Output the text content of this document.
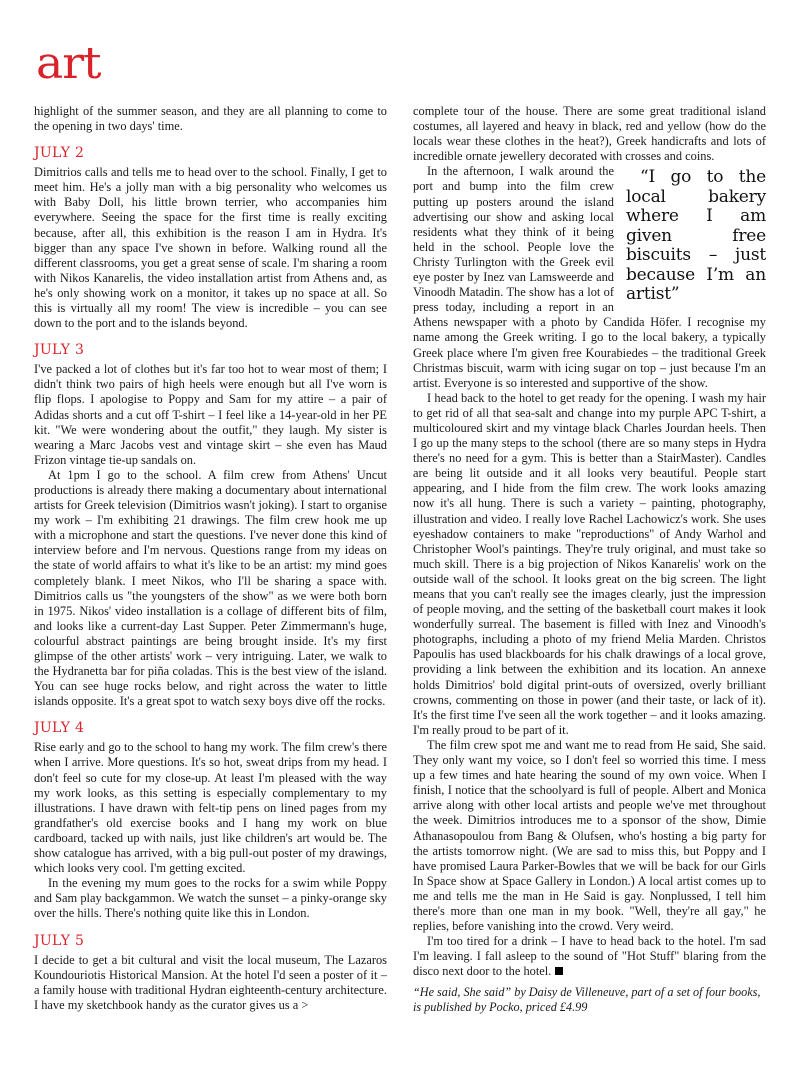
art

highlight of the summer season, and they are all planning to come to the opening in two days' time.

JULY 2

Dimitrios calls and tells me to head over to the school. Finally, I get to meet him. He's a jolly man with a big personality who welcomes us with Baby Doll, his little brown terrier, who accompanies him everywhere. Seeing the space for the first time is really exciting because, after all, this exhibition is the reason I am in Hydra. It's bigger than any space I've shown in before. Walking round all the different classrooms, you get a great sense of scale. I'm sharing a room with Nikos Kanarelis, the video installation artist from Athens and, as he's only showing work on a monitor, it takes up no space at all. So this is virtually all my room! The view is incredible – you can see down to the port and to the islands beyond.

JULY 3

I've packed a lot of clothes but it's far too hot to wear most of them; I didn't think two pairs of high heels were enough but all I've worn is flip flops. I apologise to Poppy and Sam for my attire – a pair of Adidas shorts and a cut off T-shirt – I feel like a 14-year-old in her PE kit. "We were wondering about the outfit," they laugh. My sister is wearing a Marc Jacobs vest and vintage skirt – she even has Maud Frizon vintage tie-up sandals on.

At 1pm I go to the school. A film crew from Athens' Uncut productions is already there making a documentary about international artists for Greek television (Dimitrios wasn't joking). I start to organise my work – I'm exhibiting 21 drawings. The film crew hook me up with a microphone and start the questions. I've never done this kind of interview before and I'm nervous. Questions range from my ideas on the state of world affairs to what it's like to be an artist: my mind goes completely blank. I meet Nikos, who I'll be sharing a space with. Dimitrios calls us "the youngsters of the show" as we were both born in 1975. Nikos' video installation is a collage of different bits of film, and looks like a current-day Last Supper. Peter Zimmermann's huge, colourful abstract paintings are being brought inside. It's my first glimpse of the other artists' work – very intriguing. Later, we walk to the Hydranetta bar for piña coladas. This is the best view of the island. You can see huge rocks below, and right across the water to little islands opposite. It's a great spot to watch sexy boys dive off the rocks.

JULY 4

Rise early and go to the school to hang my work. The film crew's there when I arrive. More questions. It's so hot, sweat drips from my head. I don't feel so cute for my close-up. At least I'm pleased with the way my work looks, as this setting is especially complementary to my illustrations. I have drawn with felt-tip pens on lined pages from my grandfather's old exercise books and I hang my work on blue cardboard, tacked up with nails, just like children's art would be. The show catalogue has arrived, with a big pull-out poster of my drawings, which looks very cool. I'm getting excited.

In the evening my mum goes to the rocks for a swim while Poppy and Sam play backgammon. We watch the sunset – a pinky-orange sky over the hills. There's nothing quite like this in London.

JULY 5

I decide to get a bit cultural and visit the local museum, The Lazaros Koundouriotis Historical Mansion. At the hotel I'd seen a poster of it – a family house with traditional Hydran eighteenth-century architecture. I have my sketchbook handy as the curator gives us a >

complete tour of the house. There are some great traditional island costumes, all layered and heavy in black, red and yellow (how do the locals wear these clothes in the heat?), Greek handicrafts and lots of incredible ornate jewellery decorated with crosses and coins.

“I go to the local bakery where I am given free biscuits – just because I’m an artist”
In the afternoon, I walk around the port and bump into the film crew putting up posters around the island advertising our show and asking local residents what they think of it being held in the school. People love the Christy Turlington with the Greek evil eye poster by Inez van Lamsweerde and Vinoodh Matadin. The show has a lot of press today, including a report in an Athens newspaper with a photo by Candida Höfer. I recognise my name among the Greek writing. I go to the local bakery, a typically Greek place where I'm given free Kourabiedes – the traditional Greek Christmas biscuit, warm with icing sugar on top – just because I'm an artist. Everyone is so interested and supportive of the show.

I head back to the hotel to get ready for the opening. I wash my hair to get rid of all that sea-salt and change into my purple APC T-shirt, a multicoloured skirt and my vintage black Charles Jourdan heels. Then I go up the many steps to the school (there are so many steps in Hydra there's no need for a gym. This is better than a StairMaster). Candles are being lit outside and it all looks very beautiful. People start appearing, and I hide from the film crew. The work looks amazing now it's all hung. There is such a variety – painting, photography, illustration and video. I really love Rachel Lachowicz's work. She uses eyeshadow containers to make "reproductions" of Andy Warhol and Christopher Wool's paintings. They're truly original, and must take so much skill. There is a big projection of Nikos Kanarelis' work on the outside wall of the school. It looks great on the big screen. The light means that you can't really see the images clearly, just the impression of people moving, and the setting of the basketball court makes it look wonderfully surreal. The basement is filled with Inez and Vinoodh's photographs, including a photo of my friend Melia Marden. Christos Papoulis has used blackboards for his chalk drawings of a local grove, providing a link between the exhibition and its location. An annexe holds Dimitrios' bold digital print-outs of oversized, overly brilliant crowns, commenting on those in power (and their taste, or lack of it). It's the first time I've seen all the work together – and it looks amazing. I'm really proud to be part of it.

The film crew spot me and want me to read from He said, She said. They only want my voice, so I don't feel so worried this time. I mess up a few times and hate hearing the sound of my own voice. When I finish, I notice that the schoolyard is full of people. Albert and Monica arrive along with other local artists and people we've met throughout the week. Dimitrios introduces me to a sponsor of the show, Dimie Athanasopoulou from Bang & Olufsen, who's hosting a big party for the artists tomorrow night. (We are sad to miss this, but Poppy and I have promised Laura Parker-Bowles that we will be back for our Girls In Space show at Space Gallery in London.) A local artist comes up to me and tells me the man in He Said is gay. Nonplussed, I tell him there's more than one man in my book. "Well, they're all gay," he replies, before vanishing into the crowd. Very weird.

I'm too tired for a drink – I have to head back to the hotel. I'm sad I'm leaving. I fall asleep to the sound of "Hot Stuff" blaring from the disco next door to the hotel.

“He said, She said” by Daisy de Villeneuve, part of a set of four books, is published by Pocko, priced £4.99
